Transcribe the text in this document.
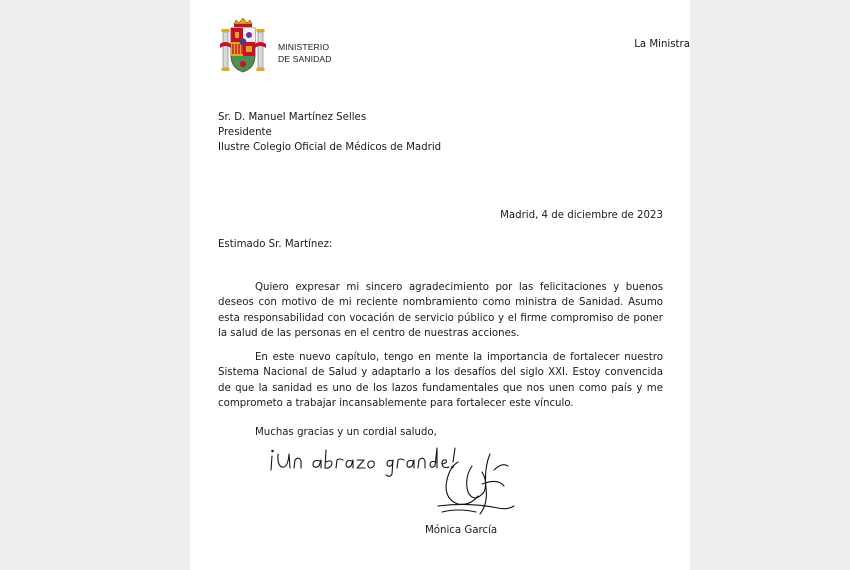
MINISTERIO
DE SANIDAD

La Ministra

Sr. D. Manuel Martínez Selles

Presidente

Ilustre Colegio Oficial de Médicos de Madrid

Madrid, 4 de diciembre de 2023

Estimado Sr. Martínez:

Quiero expresar mi sincero agradecimiento por las felicitaciones y buenos deseos con motivo de mi reciente nombramiento como ministra de Sanidad. Asumo esta responsabilidad con vocación de servicio público y el firme compromiso de poner la salud de las personas en el centro de nuestras acciones.

En este nuevo capítulo, tengo en mente la importancia de fortalecer nuestro Sistema Nacional de Salud y adaptarlo a los desafíos del siglo XXI. Estoy convencida de que la sanidad es uno de los lazos fundamentales que nos unen como país y me comprometo a trabajar incansablemente para fortalecer este vínculo.

Muchas gracias y un cordial saludo,

Mónica García
